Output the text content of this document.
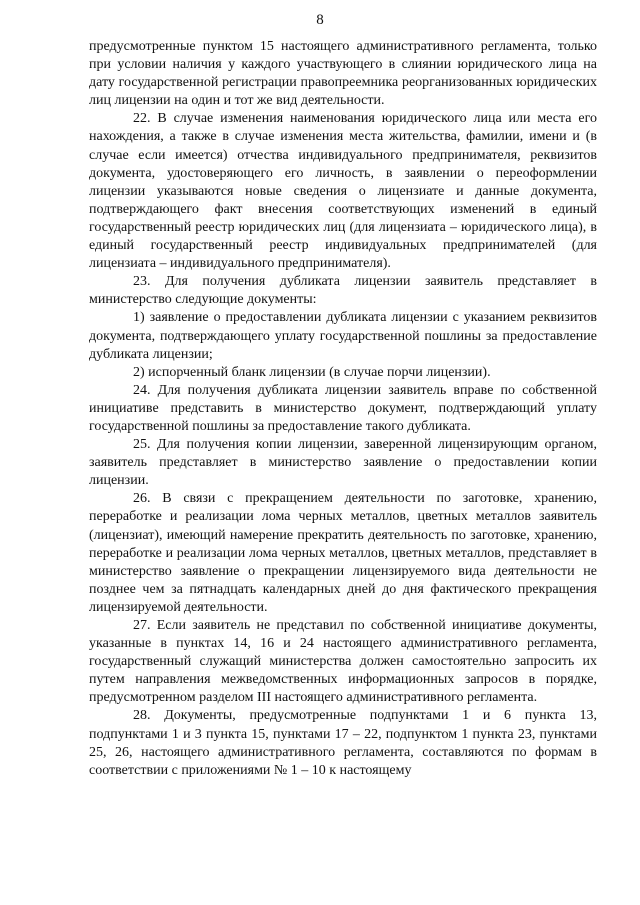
8

предусмотренные пунктом 15 настоящего административного регламента, только при условии наличия у каждого участвующего в слиянии юридического лица на дату государственной регистрации правопреемника реорганизованных юридических лиц лицензии на один и тот же вид деятельности.

22. В случае изменения наименования юридического лица или места его нахождения, а также в случае изменения места жительства, фамилии, имени и (в случае если имеется) отчества индивидуального предпринимателя, реквизитов документа, удостоверяющего его личность, в заявлении о переоформлении лицензии указываются новые сведения о лицензиате и данные документа, подтверждающего факт внесения соответствующих изменений в единый государственный реестр юридических лиц (для лицензиата – юридического лица), в единый государственный реестр индивидуальных предпринимателей (для лицензиата – индивидуального предпринимателя).

23. Для получения дубликата лицензии заявитель представляет в министерство следующие документы:

1) заявление о предоставлении дубликата лицензии с указанием реквизитов документа, подтверждающего уплату государственной пошлины за предоставление дубликата лицензии;

2) испорченный бланк лицензии (в случае порчи лицензии).

24. Для получения дубликата лицензии заявитель вправе по собственной инициативе представить в министерство документ, подтверждающий уплату государственной пошлины за предоставление такого дубликата.

25. Для получения копии лицензии, заверенной лицензирующим органом, заявитель представляет в министерство заявление о предоставлении копии лицензии.

26. В связи с прекращением деятельности по заготовке, хранению, переработке и реализации лома черных металлов, цветных металлов заявитель (лицензиат), имеющий намерение прекратить деятельность по заготовке, хранению, переработке и реализации лома черных металлов, цветных металлов, представляет в министерство заявление о прекращении лицензируемого вида деятельности не позднее чем за пятнадцать календарных дней до дня фактического прекращения лицензируемой деятельности.

27. Если заявитель не представил по собственной инициативе документы, указанные в пунктах 14, 16 и 24 настоящего административного регламента, государственный служащий министерства должен самостоятельно запросить их путем направления межведомственных информационных запросов в порядке, предусмотренном разделом III настоящего административного регламента.

28. Документы, предусмотренные подпунктами 1 и 6 пункта 13, подпунктами 1 и 3 пункта 15, пунктами 17 – 22, подпунктом 1 пункта 23, пунктами 25, 26, настоящего административного регламента, составляются по формам в соответствии с приложениями № 1 – 10 к настоящему
